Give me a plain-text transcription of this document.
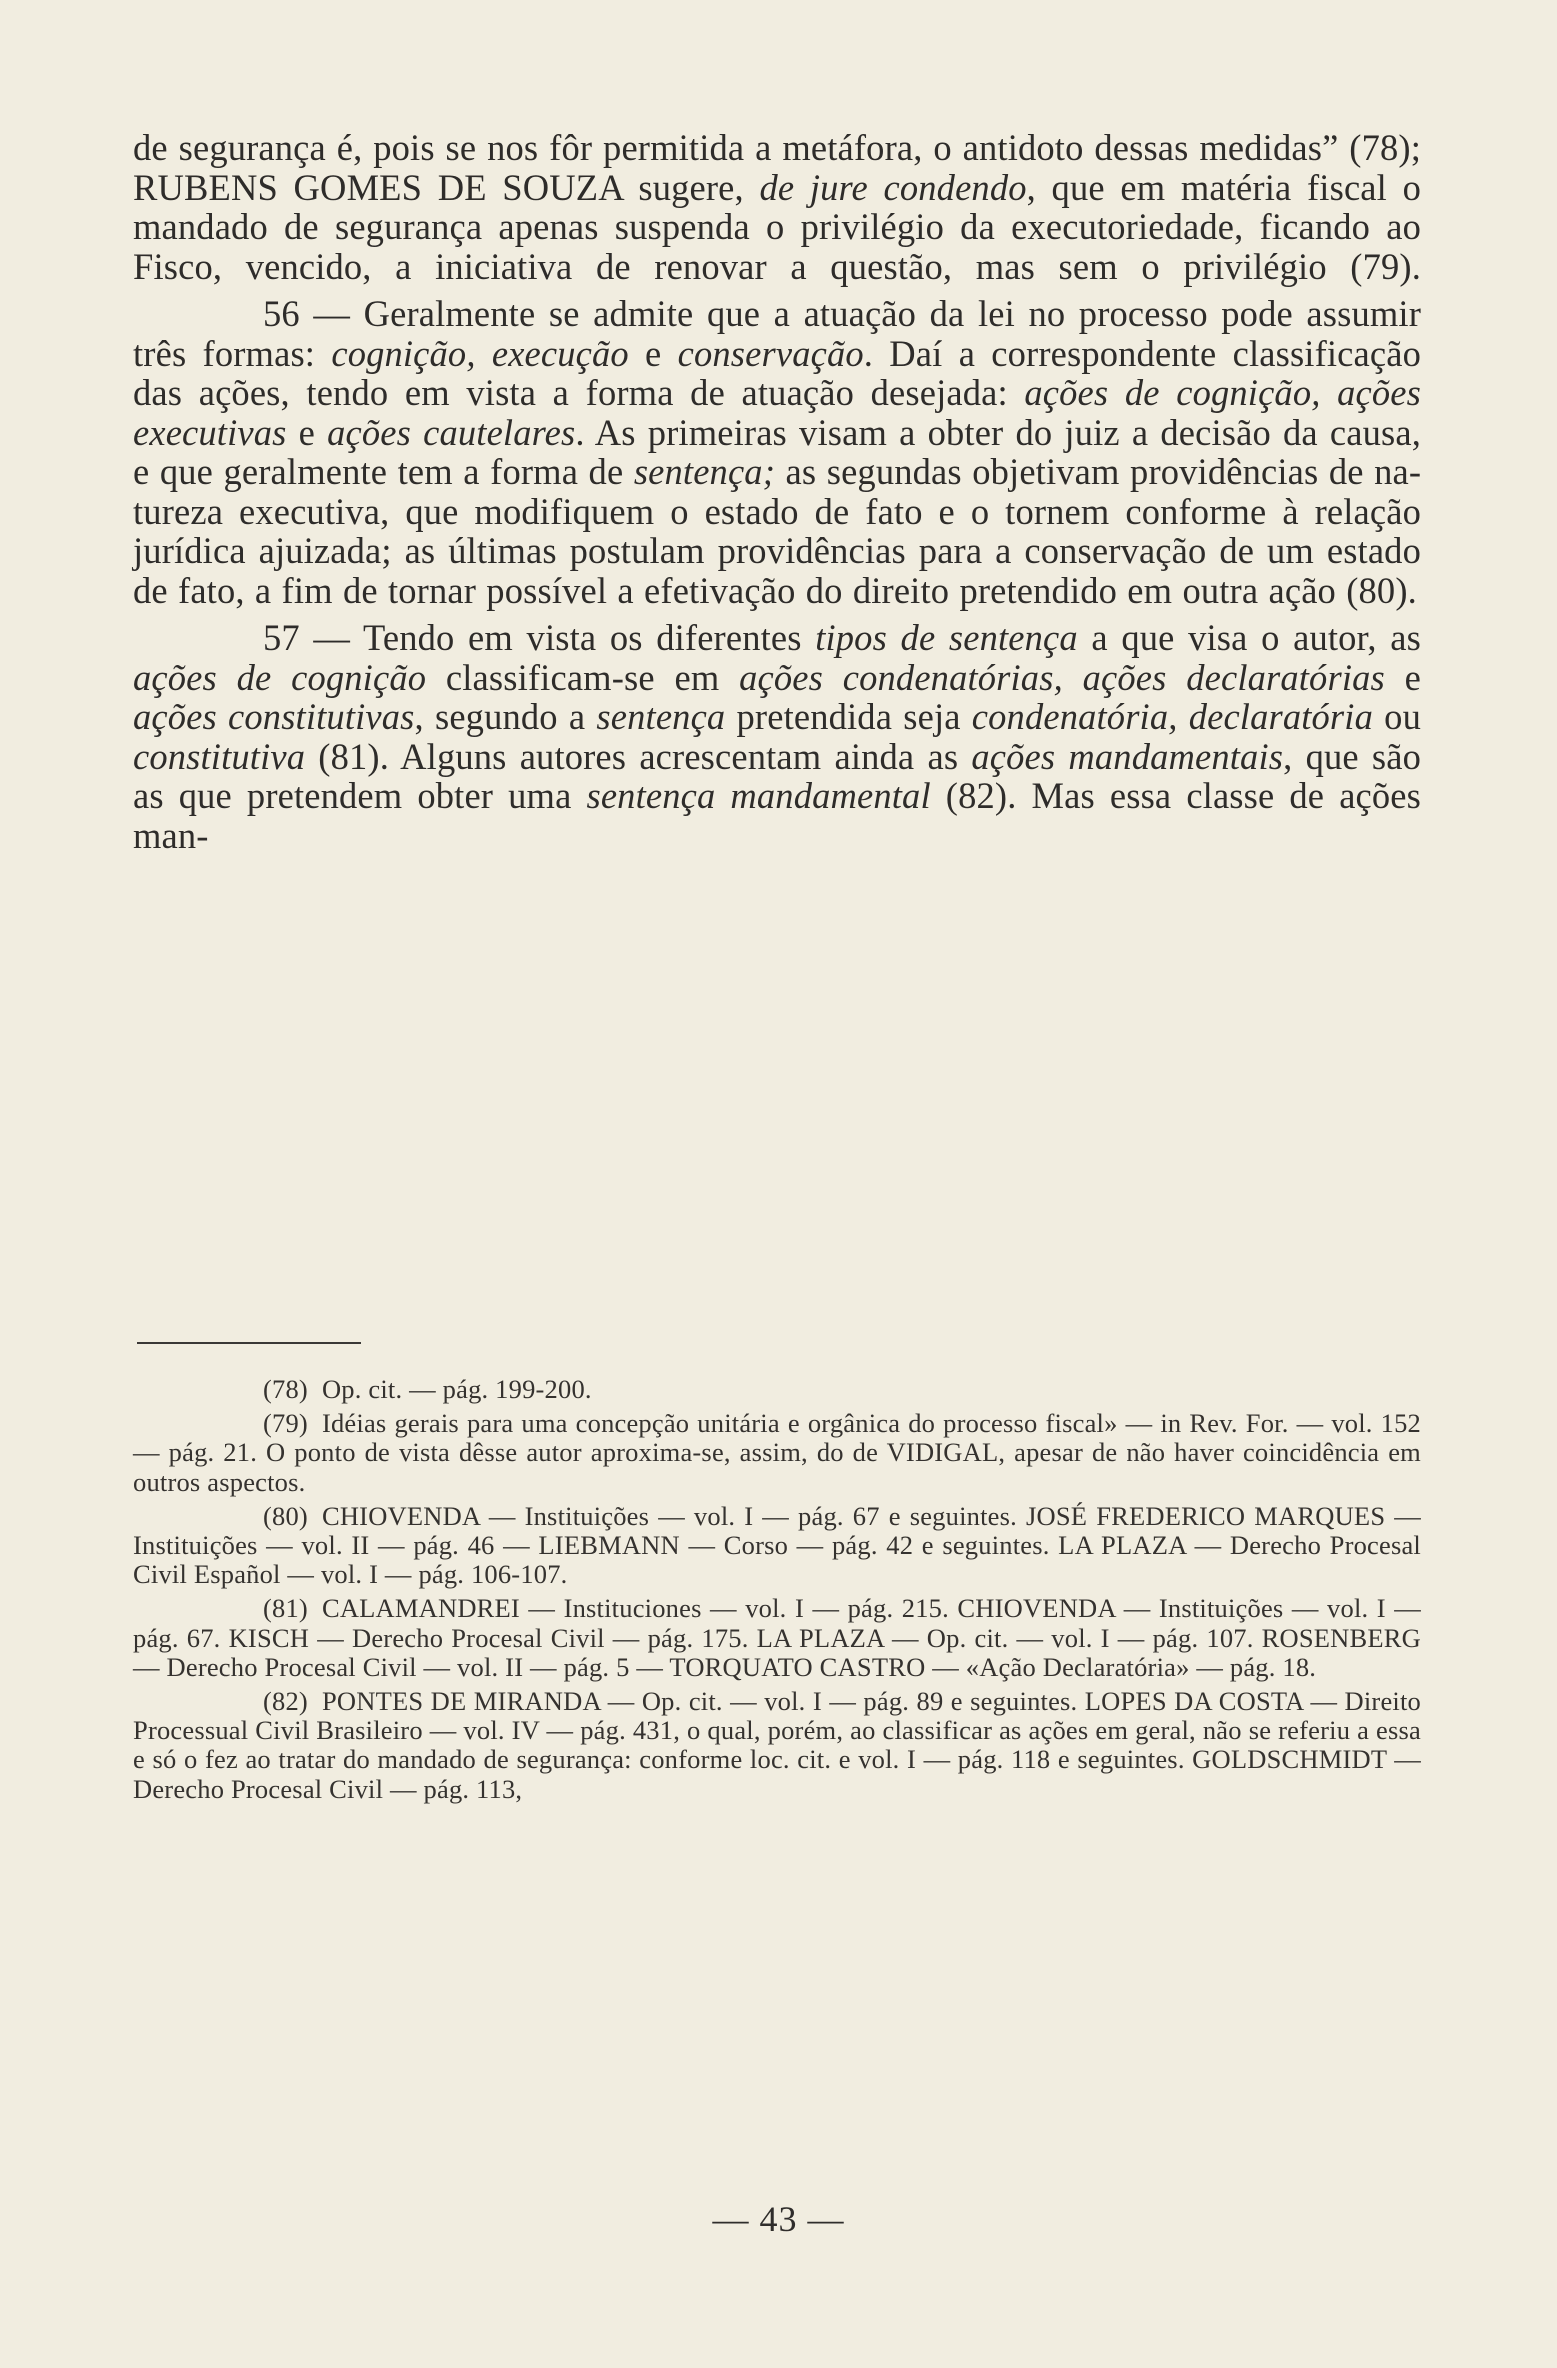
de segurança é, pois se nos fôr permitida a metáfora, o antidoto dessas medidas” (78); RUBENS GOMES DE SOUZA sugere, de jure condendo, que em matéria fiscal o mandado de segurança apenas suspenda o privilégio da executoriedade, ficando ao Fisco, vencido, a iniciativa de renovar a questão, mas sem o privilégio (79).

56 — Geralmente se admite que a atuação da lei no processo pode assumir três formas: cognição, execução e conservação. Daí a correspondente classificação das ações, tendo em vista a forma de atuação desejada: ações de cognição, ações executivas e ações cautelares. As primeiras visam a obter do juiz a decisão da causa, e que geralmente tem a forma de sentença; as segundas objetivam providências de natureza executiva, que modifiquem o estado de fato e o tornem conforme à relação jurídica ajuizada; as últimas postulam providências para a conservação de um estado de fato, a fim de tornar possível a efetivação do direito pretendido em outra ação (80).

57 — Tendo em vista os diferentes tipos de sentença a que visa o autor, as ações de cognição classificam-se em ações condenatórias, ações declaratórias e ações constitutivas, segundo a sentença pretendida seja condenatória, declaratória ou constitutiva (81). Alguns autores acrescentam ainda as ações mandamentais, que são as que pretendem obter uma sentença mandamental (82). Mas essa classe de ações man-

(78) Op. cit. — pág. 199-200.

(79) Idéias gerais para uma concepção unitária e orgânica do processo fiscal» — in Rev. For. — vol. 152 — pág. 21. O ponto de vista dêsse autor aproxima-se, assim, do de VIDIGAL, apesar de não haver coincidência em outros aspectos.

(80) CHIOVENDA — Instituições — vol. I — pág. 67 e seguintes. JOSÉ FREDERICO MARQUES — Instituições — vol. II — pág. 46 — LIEBMANN — Corso — pág. 42 e seguintes. LA PLAZA — Derecho Procesal Civil Español — vol. I — pág. 106-107.

(81) CALAMANDREI — Instituciones — vol. I — pág. 215. CHIOVENDA — Instituições — vol. I — pág. 67. KISCH — Derecho Procesal Civil — pág. 175. LA PLAZA — Op. cit. — vol. I — pág. 107. ROSENBERG — Derecho Procesal Civil — vol. II — pág. 5 — TORQUATO CASTRO — «Ação Declaratória» — pág. 18.

(82) PONTES DE MIRANDA — Op. cit. — vol. I — pág. 89 e seguintes. LOPES DA COSTA — Direito Processual Civil Brasileiro — vol. IV — pág. 431, o qual, porém, ao classificar as ações em geral, não se referiu a essa e só o fez ao tratar do mandado de segurança: conforme loc. cit. e vol. I — pág. 118 e seguintes. GOLDSCHMIDT — Derecho Procesal Civil — pág. 113,

— 43 —
